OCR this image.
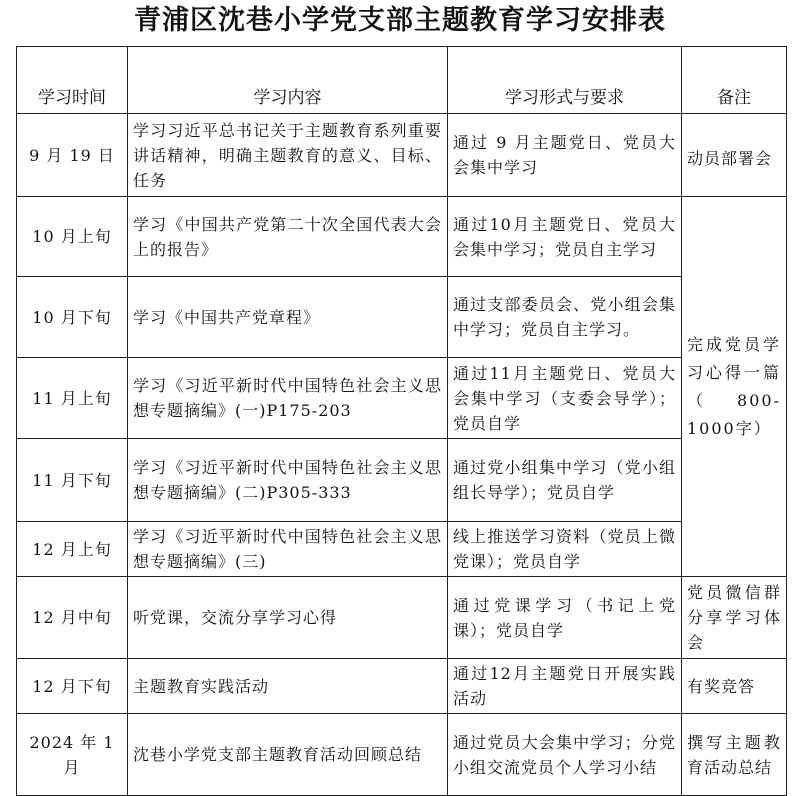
青浦区沈巷小学党支部主题教育学习安排表
学习时间	学习内容	学习形式与要求	备注
9 月 19 日	学习习近平总书记关于主题教育系列重要讲话精神，明确主题教育的意义、目标、任务	通过 9 月主题党日、党员大会集中学习	动员部署会

10 月上旬	学习《中国共产党第二十次全国代表大会上的报告》	通过10月主题党日、党员大会集中学习；党员自主学习	完成党员学习心得一篇（800-1000字）

10 月下旬	学习《中国共产党章程》	通过支部委员会、党小组会集中学习；党员自主学习。	
11 月上旬	学习《习近平新时代中国特色社会主义思想专题摘编》(一)P175-203	通过11月主题党日、党员大会集中学习（支委会导学）；党员自学	
11 月下旬	学习《习近平新时代中国特色社会主义思想专题摘编》(二)P305-333	通过党小组集中学习（党小组组长导学）；党员自学	
12 月上旬	学习《习近平新时代中国特色社会主义思想专题摘编》(三)	线上推送学习资料（党员上微党课）；党员自学	
12 月中旬	听党课，交流分享学习心得	通过党课学习（书记上党课）；党员自学	党员微信群分享学习体会
12 月下旬	主题教育实践活动	通过12月主题党日开展实践活动	有奖竞答
2024 年 1 月	沈巷小学党支部主题教育活动回顾总结	通过党员大会集中学习；分党小组交流党员个人学习小结	撰写主题教育活动总结
